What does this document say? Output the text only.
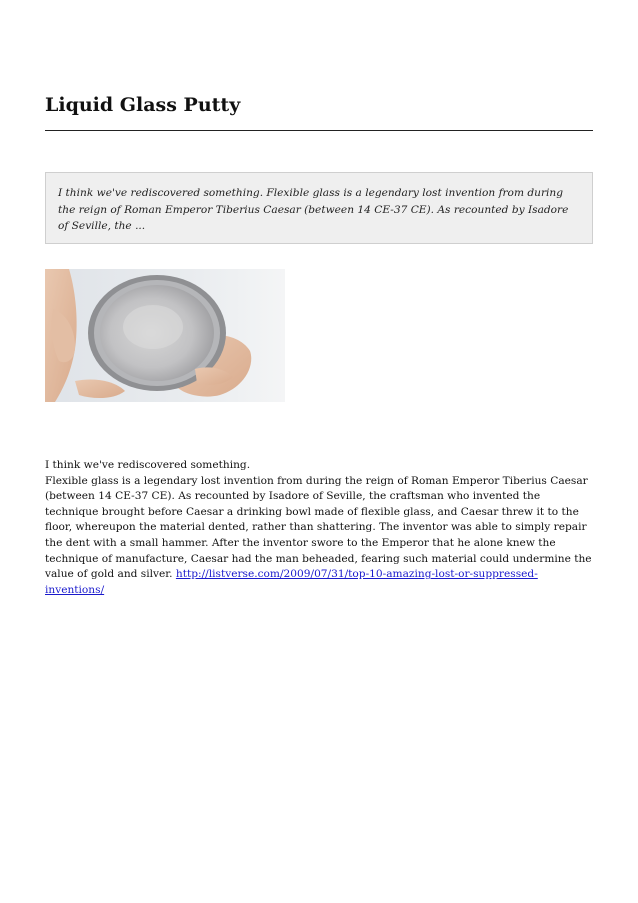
Liquid Glass Putty

I think we've rediscovered something. Flexible glass is a legendary lost invention from during the reign of Roman Emperor Tiberius Caesar (between 14 CE-37 CE). As recounted by Isadore of Seville, the ...

I think we've rediscovered something.
Flexible glass is a legendary lost invention from during the reign of Roman Emperor Tiberius Caesar (between 14 CE-37 CE). As recounted by Isadore of Seville, the craftsman who invented the technique brought before Caesar a drinking bowl made of flexible glass, and Caesar threw it to the floor, whereupon the material dented, rather than shattering. The inventor was able to simply repair the dent with a small hammer. After the inventor swore to the Emperor that he alone knew the technique of manufacture, Caesar had the man beheaded, fearing such material could undermine the value of gold and silver. http://listverse.com/2009/07/31/top-10-amazing-lost-or-suppressed-inventions/
